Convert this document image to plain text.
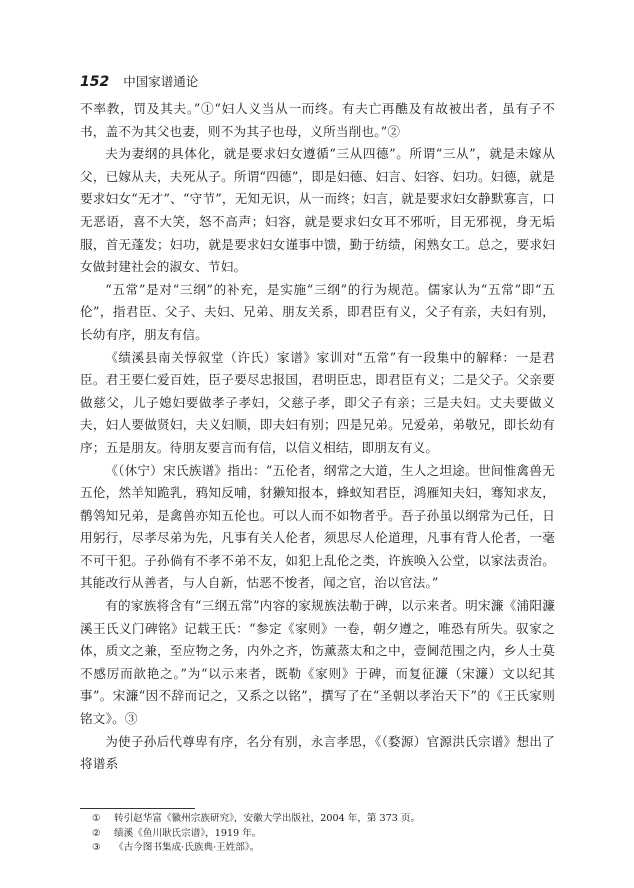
152 中国家谱通论

不率教，罚及其夫。”①“妇人义当从一而终。有夫亡再醮及有故被出者，虽有子不书，盖不为其父也妻，则不为其子也母，义所当削也。”②

夫为妻纲的具体化，就是要求妇女遵循“三从四德”。所谓“三从”，就是未嫁从父，已嫁从夫，夫死从子。所谓“四德”，即是妇德、妇言、妇容、妇功。妇德，就是要求妇女“无才”、“守节”，无知无识，从一而终；妇言，就是要求妇女静默寡言，口无恶语，喜不大笑，怒不高声；妇容，就是要求妇女耳不邪听，目无邪视，身无垢服，首无蓬发；妇功，就是要求妇女谨事中馈，勤于纺绩，闲熟女工。总之，要求妇女做封建社会的淑女、节妇。

“五常”是对“三纲”的补充，是实施“三纲”的行为规范。儒家认为“五常”即“五伦”，指君臣、父子、夫妇、兄弟、朋友关系，即君臣有义，父子有亲，夫妇有别，长幼有序，朋友有信。

《绩溪县南关惇叙堂（许氏）家谱》家训对“五常”有一段集中的解释：一是君臣。君王要仁爱百姓，臣子要尽忠报国，君明臣忠，即君臣有义；二是父子。父亲要做慈父，儿子媳妇要做孝子孝妇，父慈子孝，即父子有亲；三是夫妇。丈夫要做义夫，妇人要做贤妇，夫义妇顺，即夫妇有别；四是兄弟。兄爱弟，弟敬兄，即长幼有序；五是朋友。待朋友要言而有信，以信义相结，即朋友有义。

《（休宁）宋氏族谱》指出：“五伦者，纲常之大道，生人之坦途。世间惟禽兽无五伦，然羊知跪乳，鸦知反哺，豺獭知报本，蜂蚁知君臣，鸿雁知夫妇，骞知求友，鹡鸰知兄弟，是禽兽亦知五伦也。可以人而不如物者乎。吾子孙虽以纲常为己任，日用躬行，尽孝尽弟为先，凡事有关人伦者，须思尽人伦道理，凡事有背人伦者，一毫不可干犯。子孙倘有不孝不弟不友，如犯上乱伦之类，许族唤入公堂，以家法责治。其能改行从善者，与人自新，怙恶不悛者，闻之官，治以官法。”

有的家族将含有“三纲五常”内容的家规族法勒于碑，以示来者。明宋濂《浦阳濂溪王氏义门碑铭》记载王氏：“参定《家则》一卷，朝夕遵之，唯恐有所失。驭家之体，质文之兼，至应物之务，内外之齐，饬薰蒸太和之中，壹阃范围之内，乡人士莫不感厉而歆艳之。”为“以示来者，既勒《家则》于碑，而复征濂（宋濂）文以纪其事”。宋濂“因不辞而记之，又系之以铭”，撰写了在“圣朝以孝治天下”的《王氏家则铭文》。③

为使子孙后代尊卑有序，名分有别，永言孝思，《（婺源）官源洪氏宗谱》想出了将谱系

①	转引赵华富《徽州宗族研究》，安徽大学出版社，2004 年，第 373 页。
②	绩溪《鱼川耿氏宗谱》，1919 年。
③	《古今图书集成·氏族典·王姓部》。
